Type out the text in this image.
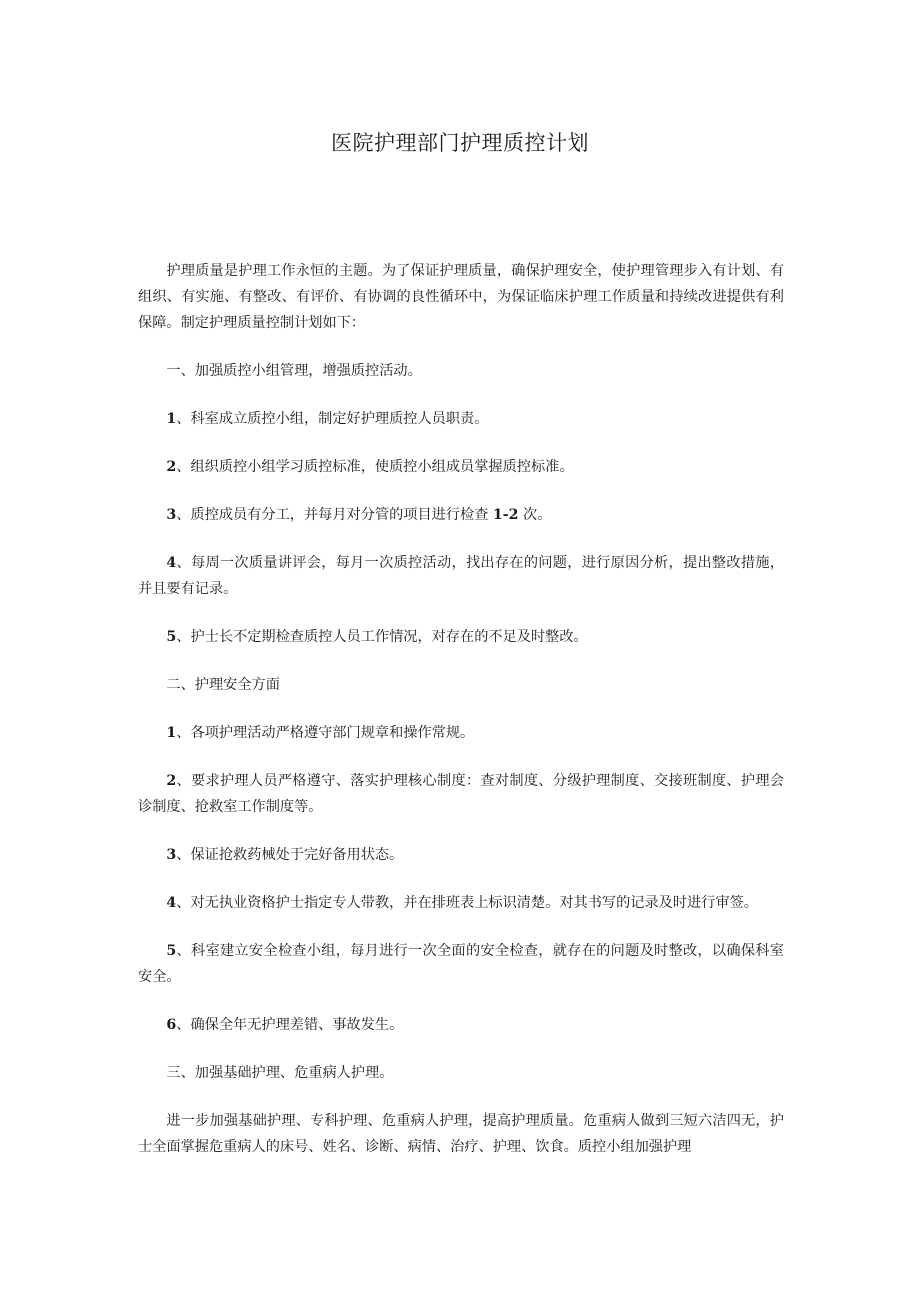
医院护理部门护理质控计划

护理质量是护理工作永恒的主题。为了保证护理质量，确保护理安全，使护理管理步入有计划、有组织、有实施、有整改、有评价、有协调的良性循环中，为保证临床护理工作质量和持续改进提供有利保障。制定护理质量控制计划如下：

一、加强质控小组管理，增强质控活动。

1、科室成立质控小组，制定好护理质控人员职责。

2、组织质控小组学习质控标准，使质控小组成员掌握质控标准。

3、质控成员有分工，并每月对分管的项目进行检查 1-2 次。

4、每周一次质量讲评会，每月一次质控活动，找出存在的问题，进行原因分析，提出整改措施，并且要有记录。

5、护士长不定期检查质控人员工作情况，对存在的不足及时整改。

二、护理安全方面

1、各项护理活动严格遵守部门规章和操作常规。

2、要求护理人员严格遵守、落实护理核心制度：查对制度、分级护理制度、交接班制度、护理会诊制度、抢救室工作制度等。

3、保证抢救药械处于完好备用状态。

4、对无执业资格护士指定专人带教，并在排班表上标识清楚。对其书写的记录及时进行审签。

5、科室建立安全检查小组，每月进行一次全面的安全检查，就存在的问题及时整改，以确保科室安全。

6、确保全年无护理差错、事故发生。

三、加强基础护理、危重病人护理。

进一步加强基础护理、专科护理、危重病人护理，提高护理质量。危重病人做到三短六洁四无，护士全面掌握危重病人的床号、姓名、诊断、病情、治疗、护理、饮食。质控小组加强护理
